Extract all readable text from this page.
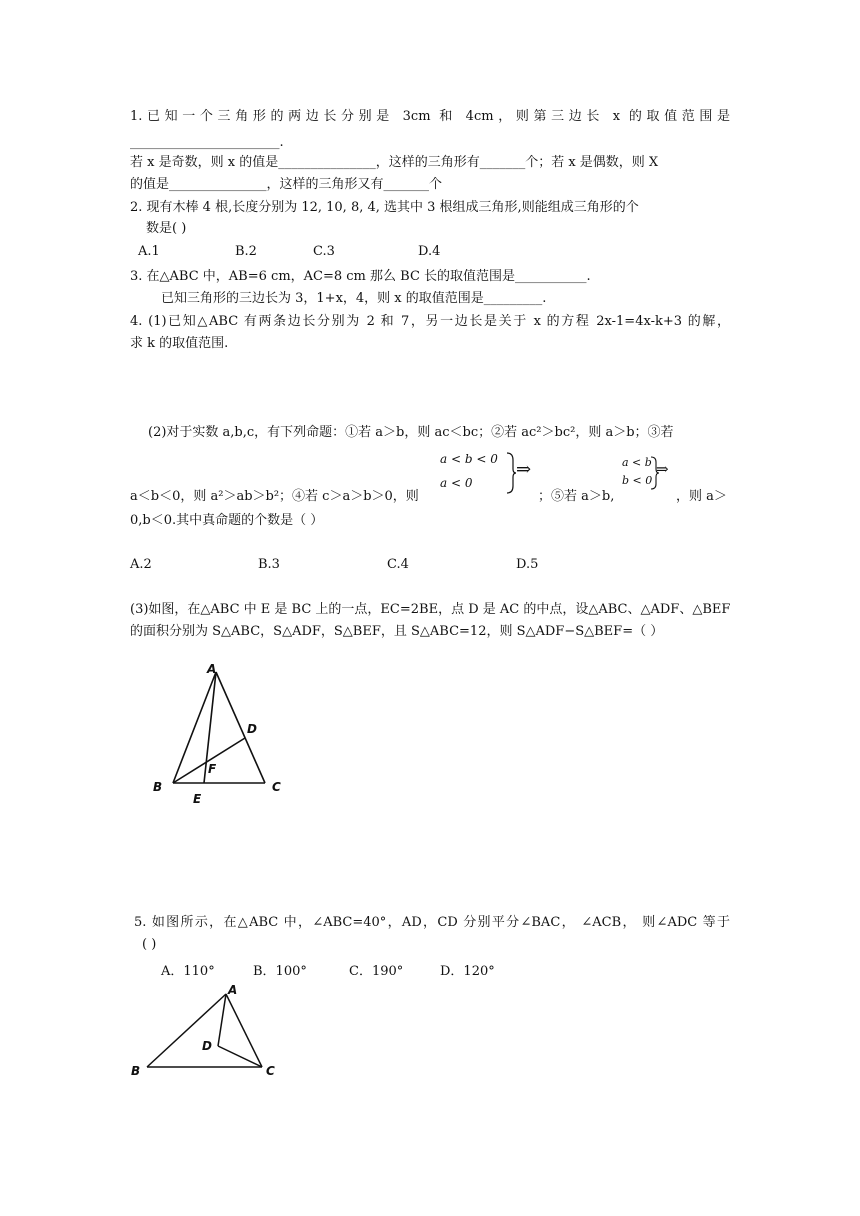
1.已知一个三角形的两边长分别是 3cm 和 4cm，则第三边长 x 的取值范围是
_______________________.
若 x 是奇数，则 x 的值是_______________，这样的三角形有_______个；若 x 是偶数，则 X
的值是_______________，这样的三角形又有_______个
2. 现有木棒 4 根,长度分别为 12, 10, 8, 4, 选其中 3 根组成三角形,则能组成三角形的个
数是( )
A.1	B.2	C.3	D.4
3. 在△ABC 中，AB=6 cm，AC=8 cm 那么 BC 长的取值范围是___________.
已知三角形的三边长为 3，1+x，4，则 x 的取值范围是_________.
4. (1)已知△ABC 有两条边长分别为 2 和 7，另一边长是关于 x 的方程 2x-1=4x-k+3 的解，
求 k 的取值范围.
(2)对于实数 a,b,c，有下列命题：①若 a＞b，则 ac＜bc；②若 ac²＞bc²，则 a＞b；③若
a＜b＜0，则 a²＞ab＞b²；④若 c＞a＞b＞0，则
a < b < 0
a < 0
⇒
；⑤若 a＞b,
a < b
b < 0
⇒
，则 a＞
0,b＜0.其中真命题的个数是（ ）
A.2	B.3	C.4	D.5
(3)如图，在△ABC 中 E 是 BC 上的一点，EC=2BE，点 D 是 AC 的中点，设△ABC、△ADF、△BEF
的面积分别为 S△ABC，S△ADF，S△BEF，且 S△ABC=12，则 S△ADF−S△BEF=（ ）
A
B	C
D
E
F
5. 如图所示，在△ABC 中，∠ABC=40°，AD，CD 分别平分∠BAC， ∠ACB， 则∠ADC 等于
( )
A．110°	B．100°	C．190°	D．120°
A
B	C
D
